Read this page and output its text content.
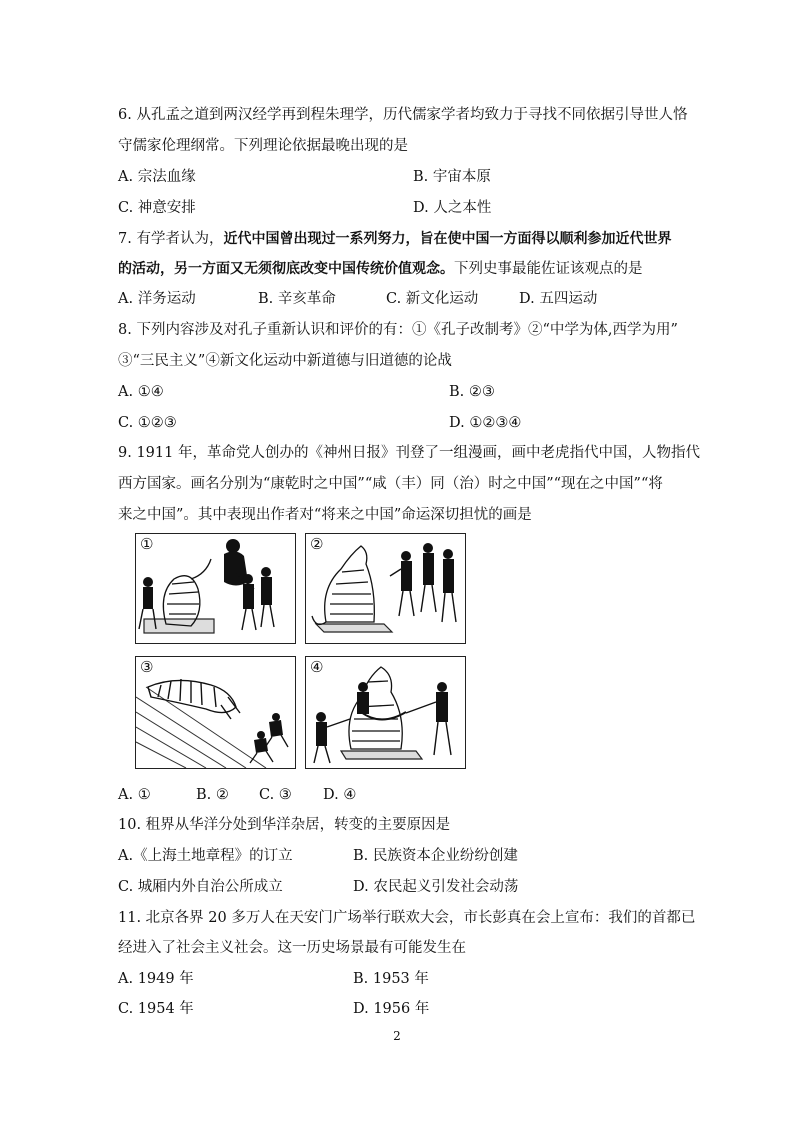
6. 从孔孟之道到两汉经学再到程朱理学，历代儒家学者均致力于寻找不同依据引导世人恪
守儒家伦理纲常。下列理论依据最晚出现的是
A. 宗法血缘	B. 宇宙本原
C. 神意安排	D. 人之本性
7. 有学者认为，近代中国曾出现过一系列努力，旨在使中国一方面得以顺利参加近代世界
的活动，另一方面又无须彻底改变中国传统价值观念。下列史事最能佐证该观点的是
A. 洋务运动	B. 辛亥革命	C. 新文化运动	D. 五四运动
8. 下列内容涉及对孔子重新认识和评价的有：①《孔子改制考》②“中学为体,西学为用”
③“三民主义”④新文化运动中新道德与旧道德的论战
A. ①④	B. ②③
C. ①②③	D. ①②③④
9. 1911 年，革命党人创办的《神州日报》刊登了一组漫画，画中老虎指代中国，人物指代
西方国家。画名分别为“康乾时之中国”“咸（丰）同（治）时之中国”“现在之中国”“将
来之中国”。其中表现出作者对“将来之中国”命运深切担忧的画是
①	②
③	④
A. ①	B. ② C. ③ D. ④
10. 租界从华洋分处到华洋杂居，转变的主要原因是
A.《上海土地章程》的订立	B. 民族资本企业纷纷创建
C. 城厢内外自治公所成立	D. 农民起义引发社会动荡
11. 北京各界 20 多万人在天安门广场举行联欢大会，市长彭真在会上宣布：我们的首都已
经进入了社会主义社会。这一历史场景最有可能发生在
A. 1949 年	B. 1953 年
C. 1954 年	D. 1956 年
2
